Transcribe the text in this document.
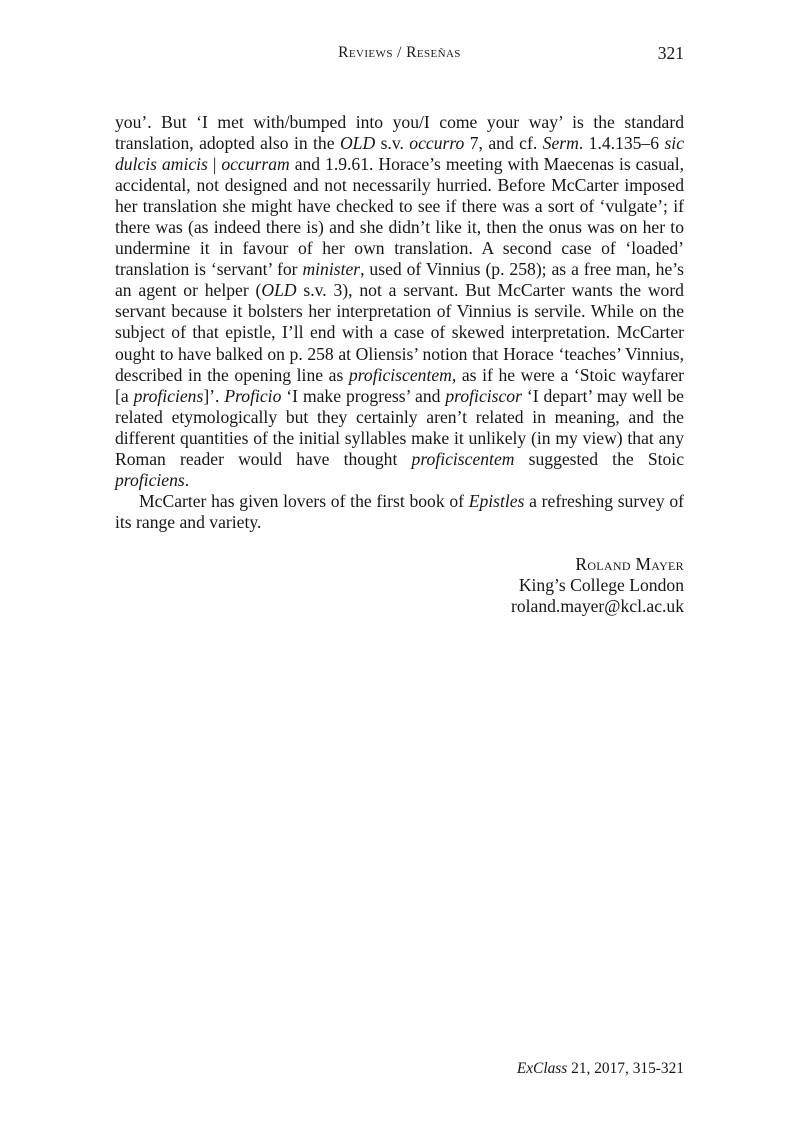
Reviews / Reseñas	321

you’. But ‘I met with/bumped into you/I come your way’ is the standard translation, adopted also in the OLD s.v. occurro 7, and cf. Serm. 1.4.135–6 sic dulcis amicis | occurram and 1.9.61. Horace’s meeting with Maecenas is casual, accidental, not designed and not necessarily hurried. Before McCarter imposed her translation she might have checked to see if there was a sort of ‘vulgate’; if there was (as indeed there is) and she didn’t like it, then the onus was on her to undermine it in favour of her own translation. A second case of ‘loaded’ translation is ‘servant’ for minister, used of Vinnius (p. 258); as a free man, he’s an agent or helper (OLD s.v. 3), not a servant. But McCarter wants the word servant because it bolsters her interpretation of Vinnius is servile. While on the subject of that epistle, I’ll end with a case of skewed interpretation. McCarter ought to have balked on p. 258 at Oliensis’ notion that Horace ‘teaches’ Vinnius, described in the opening line as proficiscentem, as if he were a ‘Stoic wayfarer [a proficiens]’. Proficio ‘I make progress’ and proficiscor ‘I depart’ may well be related etymologically but they certainly aren’t related in meaning, and the different quantities of the initial syllables make it unlikely (in my view) that any Roman reader would have thought proficiscentem suggested the Stoic proficiens.

McCarter has given lovers of the first book of Epistles a refreshing survey of its range and variety.

Roland Mayer
King’s College London
roland.mayer@kcl.ac.uk
ExClass 21, 2017, 315-321
